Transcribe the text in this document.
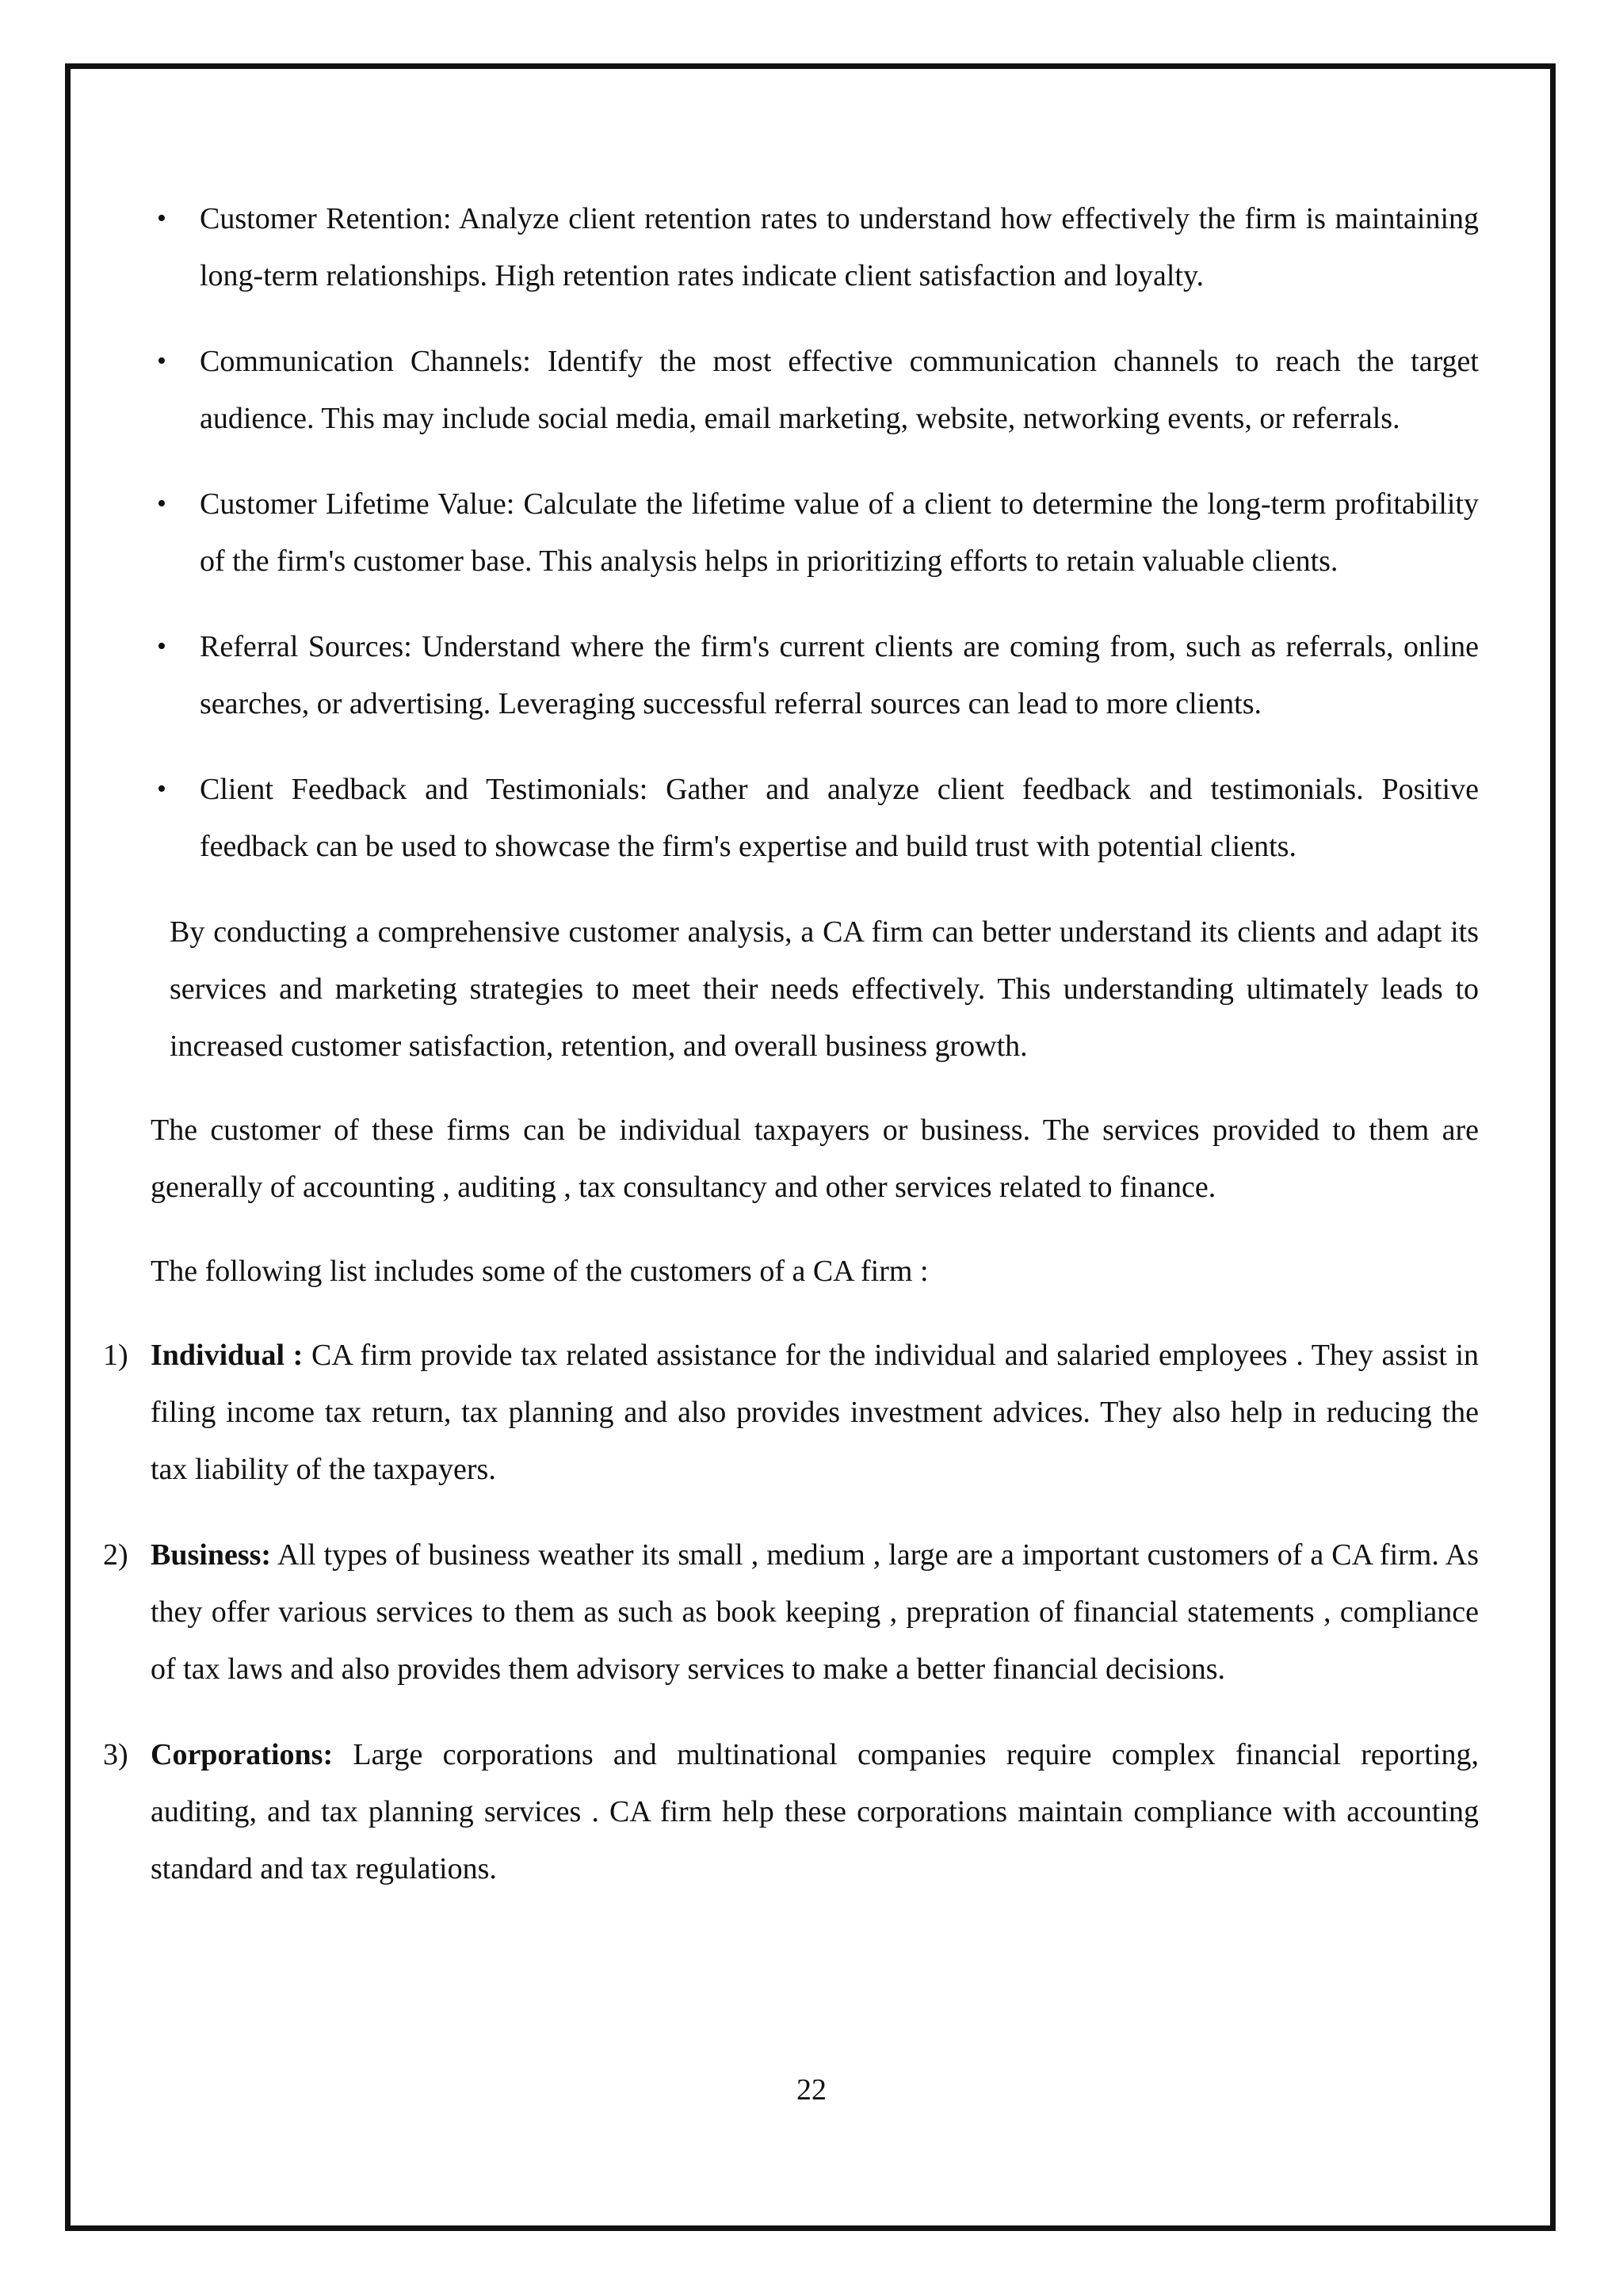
• Customer Retention: Analyze client retention rates to understand how effectively the firm is maintaining long-term relationships. High retention rates indicate client satisfaction and loyalty.
• Communication Channels: Identify the most effective communication channels to reach the target audience. This may include social media, email marketing, website, networking events, or referrals.
• Customer Lifetime Value: Calculate the lifetime value of a client to determine the long-term profitability of the firm's customer base. This analysis helps in prioritizing efforts to retain valuable clients.
• Referral Sources: Understand where the firm's current clients are coming from, such as referrals, online searches, or advertising. Leveraging successful referral sources can lead to more clients.
• Client Feedback and Testimonials: Gather and analyze client feedback and testimonials. Positive feedback can be used to showcase the firm's expertise and build trust with potential clients.

By conducting a comprehensive customer analysis, a CA firm can better understand its clients and adapt its services and marketing strategies to meet their needs effectively. This understanding ultimately leads to increased customer satisfaction, retention, and overall business growth.

The customer of these firms can be individual taxpayers or business. The services provided to them are generally of accounting , auditing , tax consultancy and other services related to finance.

The following list includes some of the customers of a CA firm :

1) Individual : CA firm provide tax related assistance for the individual and salaried employees . They assist in filing income tax return, tax planning and also provides investment advices. They also help in reducing the tax liability of the taxpayers.
2) Business: All types of business weather its small , medium , large are a important customers of a CA firm. As they offer various services to them as such as book keeping , prepration of financial statements , compliance of tax laws and also provides them advisory services to make a better financial decisions.
3) Corporations: Large corporations and multinational companies require complex financial reporting, auditing, and tax planning services . CA firm help these corporations maintain compliance with accounting standard and tax regulations.
22
